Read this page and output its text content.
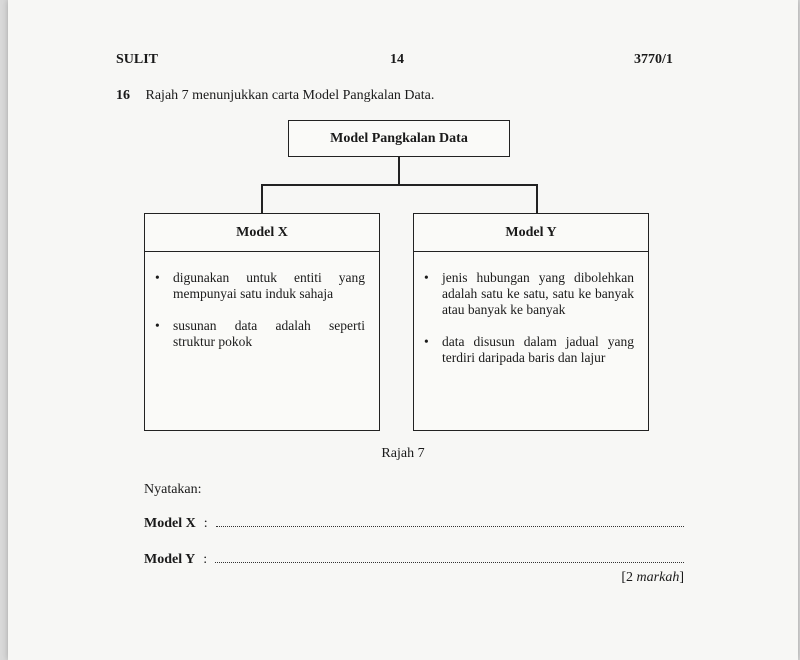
SULIT	14	3770/1
16 Rajah 7 menunjukkan carta Model Pangkalan Data.
Model Pangkalan Data
Model X
• digunakan untuk entiti yang mempunyai satu induk sahaja
• susunan data adalah seperti struktur pokok
Model Y
• jenis hubungan yang dibolehkan adalah satu ke satu, satu ke banyak atau banyak ke banyak
• data disusun dalam jadual yang terdiri daripada baris dan lajur
Rajah 7
Nyatakan:
Model X :
Model Y :
[2 markah]
